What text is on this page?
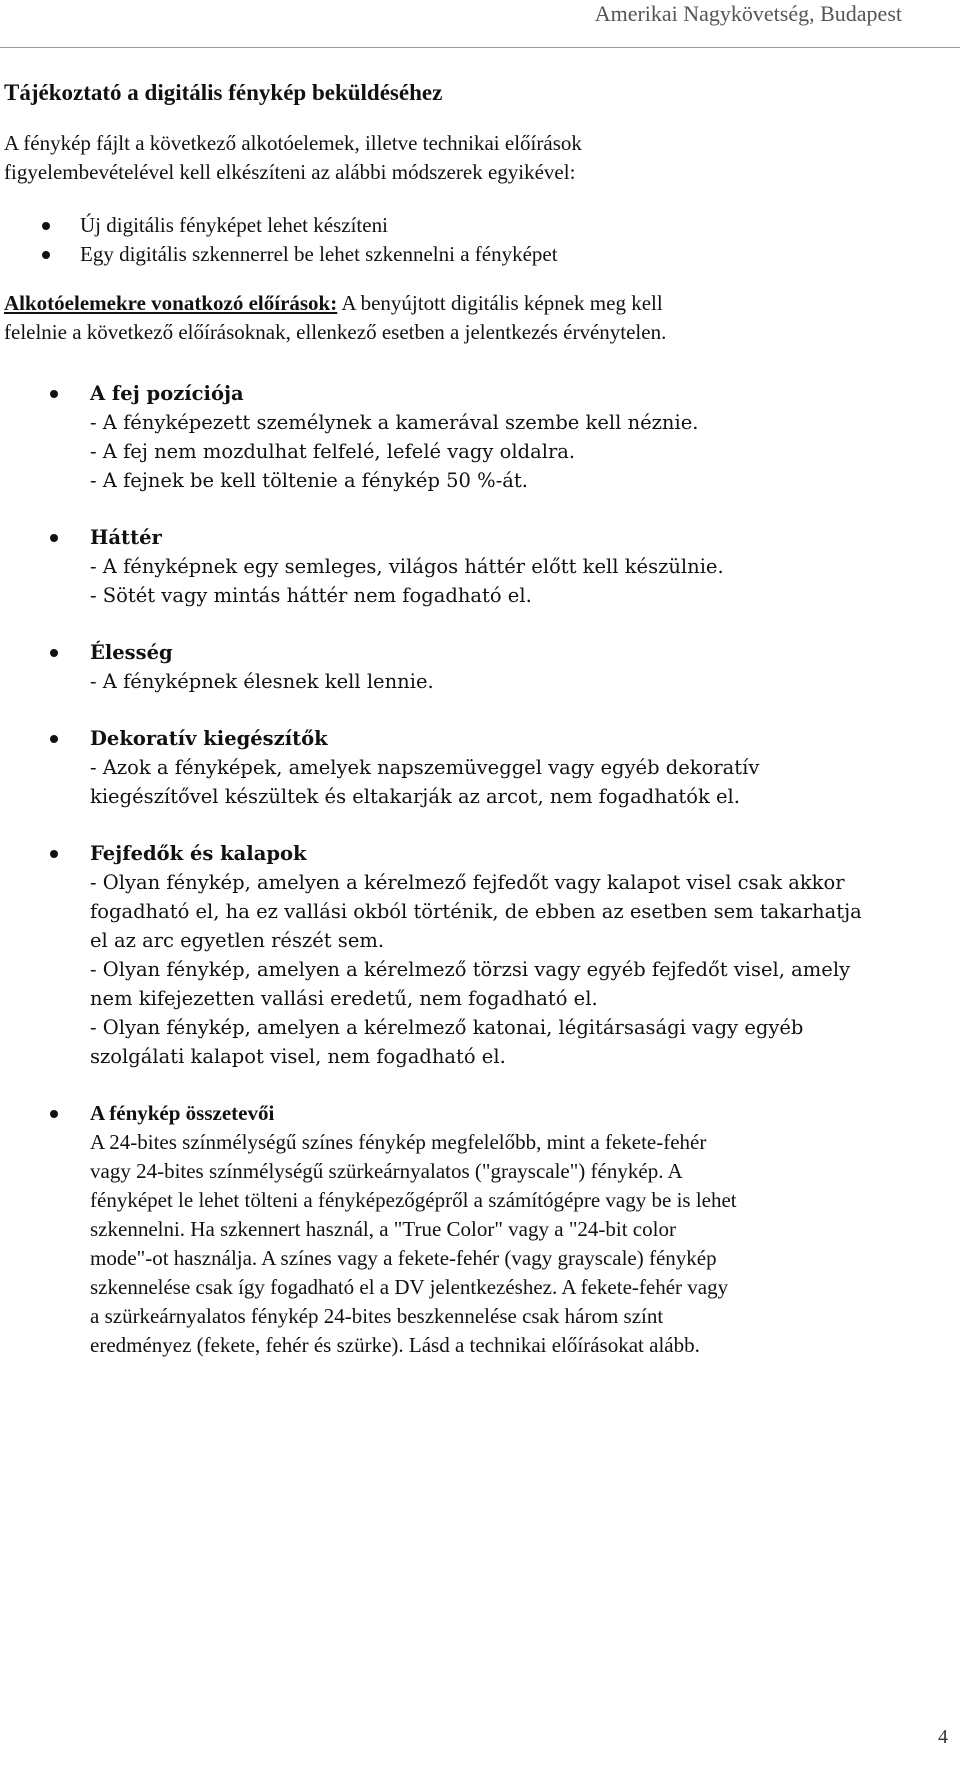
Amerikai Nagykövetség, Budapest
Tájékoztató a digitális fénykép beküldéséhez
A fénykép fájlt a következő alkotóelemek, illetve technikai előírások
figyelembevételével kell elkészíteni az alábbi módszerek egyikével:
Új digitális fényképet lehet készíteni
Egy digitális szkennerrel be lehet szkennelni a fényképet
Alkotóelemekre vonatkozó előírások: A benyújtott digitális képnek meg kell
felelnie a következő előírásoknak, ellenkező esetben a jelentkezés érvénytelen.
A fej pozíciója
- A fényképezett személynek a kamerával szembe kell néznie.
- A fej nem mozdulhat felfelé, lefelé vagy oldalra.
- A fejnek be kell töltenie a fénykép 50 %-át.
Háttér
- A fényképnek egy semleges, világos háttér előtt kell készülnie.
- Sötét vagy mintás háttér nem fogadható el.
Élesség
- A fényképnek élesnek kell lennie.
Dekoratív kiegészítők
- Azok a fényképek, amelyek napszemüveggel vagy egyéb dekoratív
kiegészítővel készültek és eltakarják az arcot, nem fogadhatók el.
Fejfedők és kalapok
- Olyan fénykép, amelyen a kérelmező fejfedőt vagy kalapot visel csak akkor
fogadható el, ha ez vallási okból történik, de ebben az esetben sem takarhatja
el az arc egyetlen részét sem.
- Olyan fénykép, amelyen a kérelmező törzsi vagy egyéb fejfedőt visel, amely
nem kifejezetten vallási eredetű, nem fogadható el.
- Olyan fénykép, amelyen a kérelmező katonai, légitársasági vagy egyéb
szolgálati kalapot visel, nem fogadható el.
A fénykép összetevői
A 24-bites színmélységű színes fénykép megfelelőbb, mint a fekete-fehér
vagy 24-bites színmélységű szürkeárnyalatos ("grayscale") fénykép. A
fényképet le lehet tölteni a fényképezőgépről a számítógépre vagy be is lehet
szkennelni. Ha szkennert használ, a "True Color" vagy a "24-bit color
mode"-ot használja. A színes vagy a fekete-fehér (vagy grayscale) fénykép
szkennelése csak így fogadható el a DV jelentkezéshez. A fekete-fehér vagy
a szürkeárnyalatos fénykép 24-bites beszkennelése csak három színt
eredményez (fekete, fehér és szürke). Lásd a technikai előírásokat alább.
4
